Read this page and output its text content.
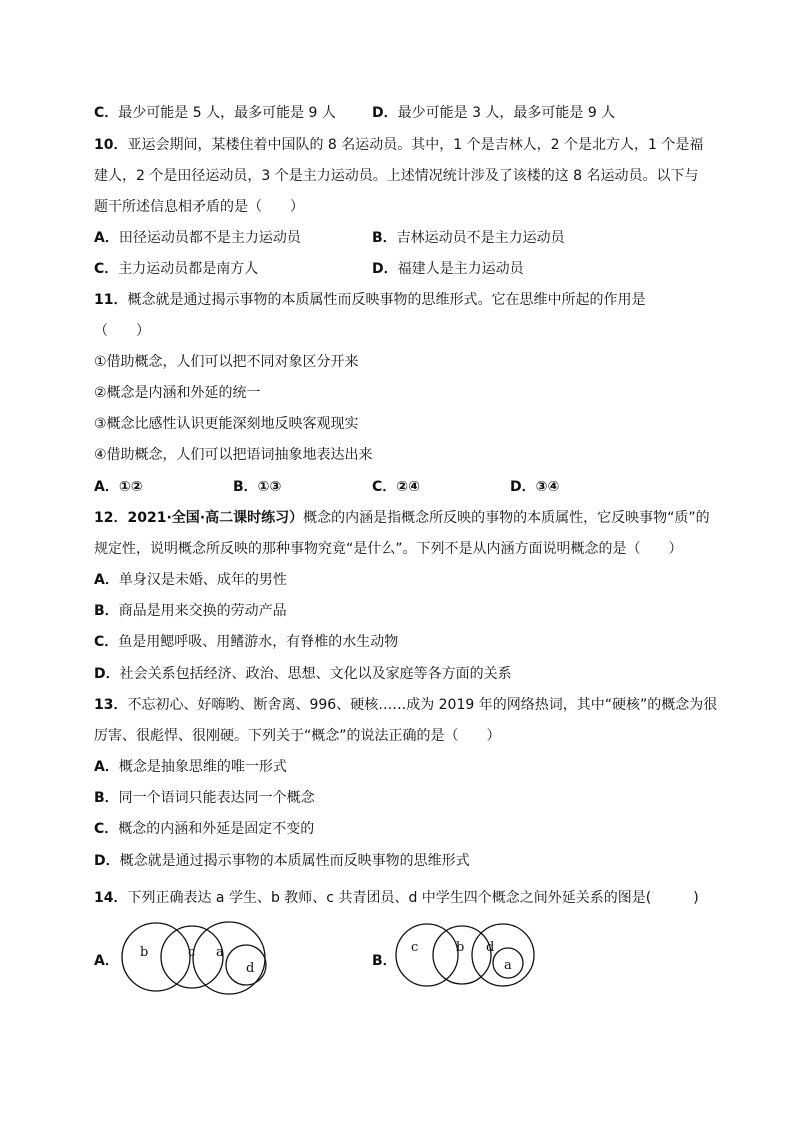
C．最少可能是 5 人，最多可能是 9 人	D．最少可能是 3 人，最多可能是 9 人
10．亚运会期间，某楼住着中国队的 8 名运动员。其中，1 个是吉林人，2 个是北方人，1 个是福
建人，2 个是田径运动员，3 个是主力运动员。上述情况统计涉及了该楼的这 8 名运动员。以下与
题干所述信息相矛盾的是（　　）
A．田径运动员都不是主力运动员	B．吉林运动员不是主力运动员
C．主力运动员都是南方人	D．福建人是主力运动员
11．概念就是通过揭示事物的本质属性而反映事物的思维形式。它在思维中所起的作用是
（　　）
①借助概念，人们可以把不同对象区分开来
②概念是内涵和外延的统一
③概念比感性认识更能深刻地反映客观现实
④借助概念，人们可以把语词抽象地表达出来
A．①②	B．①③	C．②④	D．③④
12．2021·全国·高二课时练习）概念的内涵是指概念所反映的事物的本质属性，它反映事物“质”的
规定性，说明概念所反映的那种事物究竟“是什么”。下列不是从内涵方面说明概念的是（　　）
A．单身汉是未婚、成年的男性
B．商品是用来交换的劳动产品
C．鱼是用鳃呼吸、用鳍游水，有脊椎的水生动物
D．社会关系包括经济、政治、思想、文化以及家庭等各方面的关系
13．不忘初心、好嗨哟、断舍离、996、硬核……成为 2019 年的网络热词，其中“硬核”的概念为很
厉害、很彪悍、很刚硬。下列关于“概念”的说法正确的是（　　）
A．概念是抽象思维的唯一形式
B．同一个语词只能表达同一个概念
C．概念的内涵和外延是固定不变的
D．概念就是通过揭示事物的本质属性而反映事物的思维形式
14．下列正确表达 a 学生、b 教师、c 共青团员、d 中学生四个概念之间外延关系的图是(　　　)
A．
b	c a
d	B．
c	b d
a
